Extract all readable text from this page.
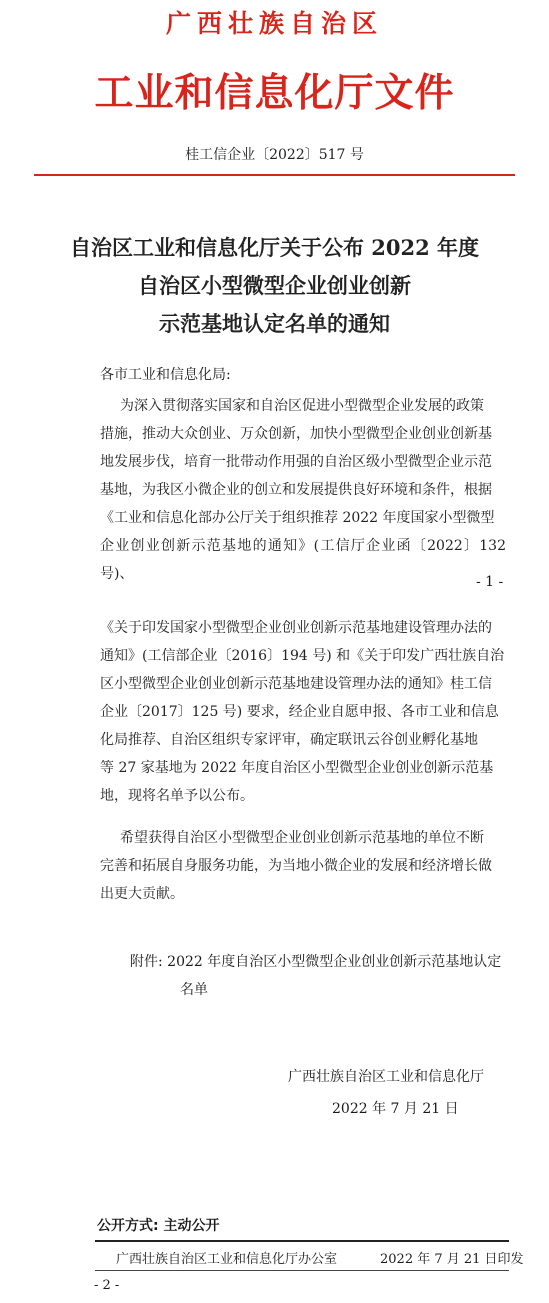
广西壮族自治区
工业和信息化厅文件
桂工信企业〔2022〕517 号
自治区工业和信息化厅关于公布 2022 年度
自治区小型微型企业创业创新
示范基地认定名单的通知
各市工业和信息化局:
为深入贯彻落实国家和自治区促进小型微型企业发展的政策
措施，推动大众创业、万众创新，加快小型微型企业创业创新基
地发展步伐，培育一批带动作用强的自治区级小型微型企业示范
基地，为我区小微企业的创立和发展提供良好环境和条件，根据
《工业和信息化部办公厅关于组织推荐 2022 年度国家小型微型
企业创业创新示范基地的通知》(工信厅企业函〔2022〕132 号)、	- 1 -
《关于印发国家小型微型企业创业创新示范基地建设管理办法的
通知》(工信部企业〔2016〕194 号) 和《关于印发广西壮族自治
区小型微型企业创业创新示范基地建设管理办法的通知》桂工信
企业〔2017〕125 号) 要求，经企业自愿申报、各市工业和信息
化局推荐、自治区组织专家评审，确定联讯云谷创业孵化基地
等 27 家基地为 2022 年度自治区小型微型企业创业创新示范基
地，现将名单予以公布。
希望获得自治区小型微型企业创业创新示范基地的单位不断
完善和拓展自身服务功能，为当地小微企业的发展和经济增长做
出更大贡献。
附件: 2022 年度自治区小型微型企业创业创新示范基地认定
名单
广西壮族自治区工业和信息化厅
2022 年 7 月 21 日
公开方式: 主动公开
广西壮族自治区工业和信息化厅办公室	2022 年 7 月 21 日印发
- 2 -
